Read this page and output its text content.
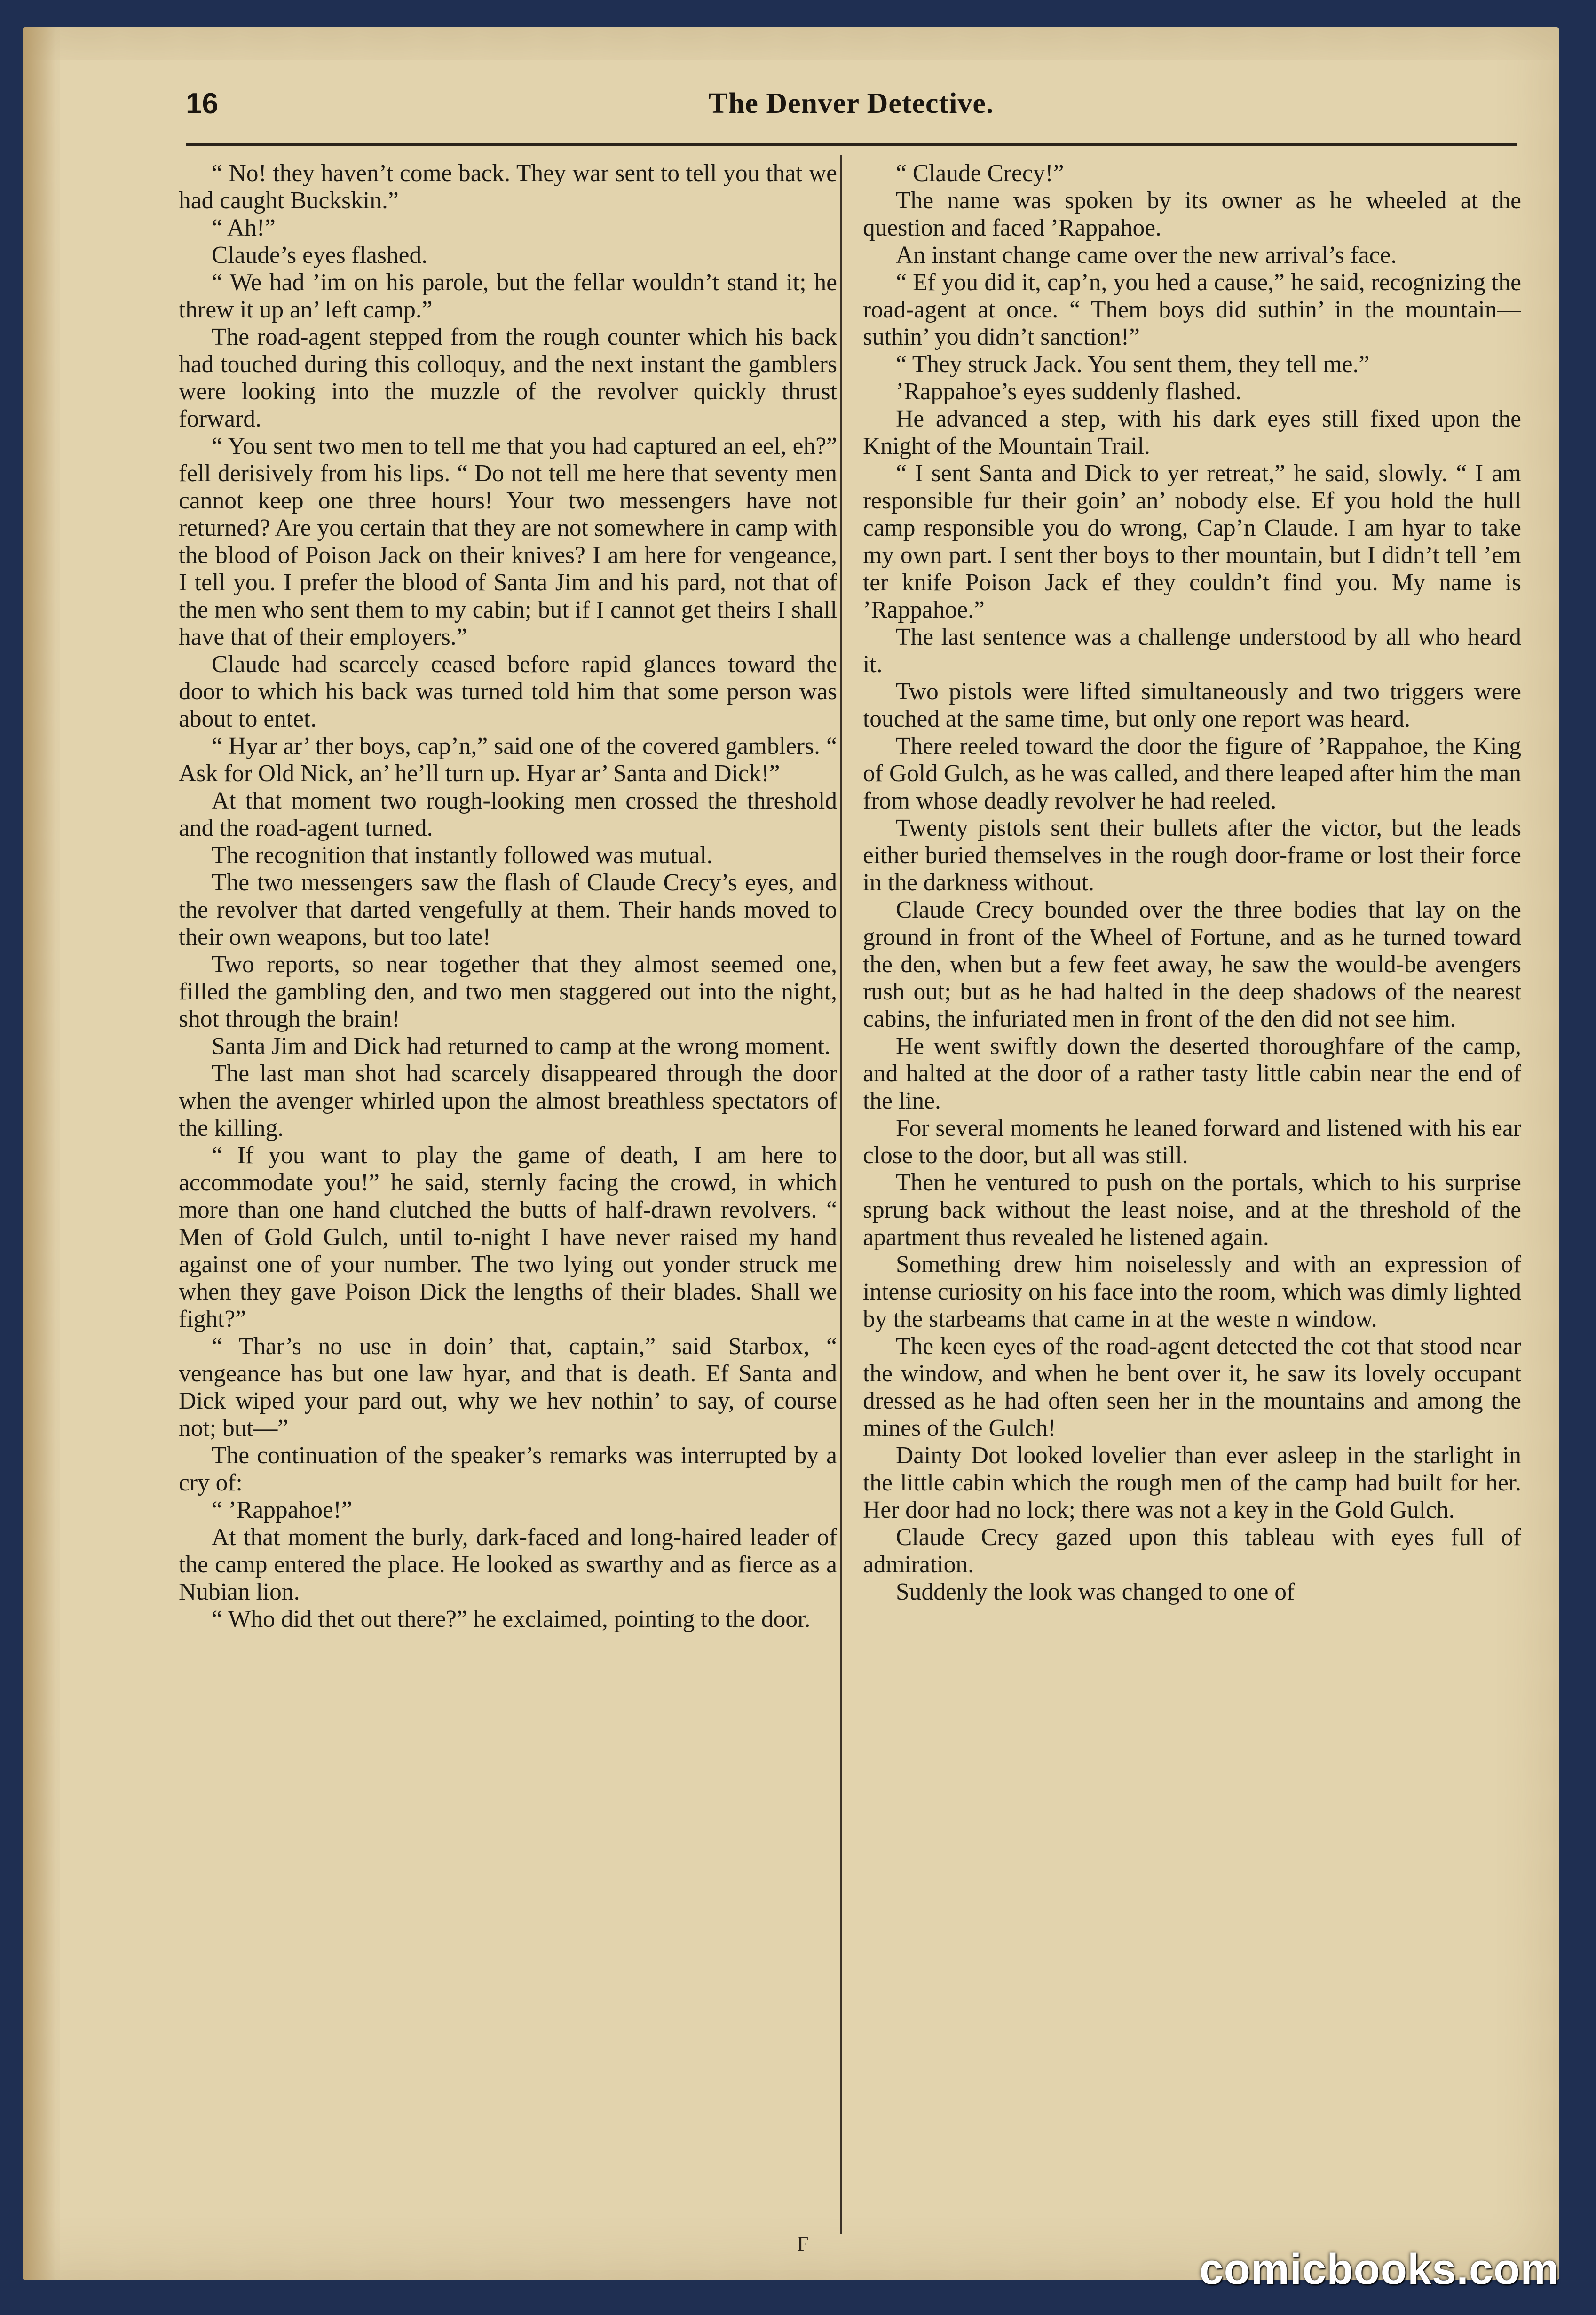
16	The Denver Detective.

“ No! they haven’t come back. They war sent to tell you that we had caught Buckskin.”

“ Ah!”

Claude’s eyes flashed.

“ We had ’im on his parole, but the fellar wouldn’t stand it; he threw it up an’ left camp.”

The road-agent stepped from the rough counter which his back had touched during this colloquy, and the next instant the gamblers were looking into the muzzle of the revolver quickly thrust forward.

“ You sent two men to tell me that you had captured an eel, eh?” fell derisively from his lips. “ Do not tell me here that seventy men cannot keep one three hours! Your two messengers have not returned? Are you certain that they are not somewhere in camp with the blood of Poison Jack on their knives? I am here for vengeance, I tell you. I prefer the blood of Santa Jim and his pard, not that of the men who sent them to my cabin; but if I cannot get theirs I shall have that of their employers.”

Claude had scarcely ceased before rapid glances toward the door to which his back was turned told him that some person was about to entet.

“ Hyar ar’ ther boys, cap’n,” said one of the covered gamblers. “ Ask for Old Nick, an’ he’ll turn up. Hyar ar’ Santa and Dick!”

At that moment two rough-looking men crossed the threshold and the road-agent turned.

The recognition that instantly followed was mutual.

The two messengers saw the flash of Claude Crecy’s eyes, and the revolver that darted vengefully at them. Their hands moved to their own weapons, but too late!

Two reports, so near together that they almost seemed one, filled the gambling den, and two men staggered out into the night, shot through the brain!

Santa Jim and Dick had returned to camp at the wrong moment.

The last man shot had scarcely disappeared through the door when the avenger whirled upon the almost breathless spectators of the killing.

“ If you want to play the game of death, I am here to accommodate you!” he said, sternly facing the crowd, in which more than one hand clutched the butts of half-drawn revolvers. “ Men of Gold Gulch, until to-night I have never raised my hand against one of your number. The two lying out yonder struck me when they gave Poison Dick the lengths of their blades. Shall we fight?”

“ Thar’s no use in doin’ that, captain,” said Starbox, “ vengeance has but one law hyar, and that is death. Ef Santa and Dick wiped your pard out, why we hev nothin’ to say, of course not; but—”

The continuation of the speaker’s remarks was interrupted by a cry of:

“ ’Rappahoe!”

At that moment the burly, dark-faced and long-haired leader of the camp entered the place. He looked as swarthy and as fierce as a Nubian lion.

“ Who did thet out there?” he exclaimed, pointing to the door.

“ Claude Crecy!”

The name was spoken by its owner as he wheeled at the question and faced ’Rappahoe.

An instant change came over the new arrival’s face.

“ Ef you did it, cap’n, you hed a cause,” he said, recognizing the road-agent at once. “ Them boys did suthin’ in the mountain—suthin’ you didn’t sanction!”

“ They struck Jack. You sent them, they tell me.”

’Rappahoe’s eyes suddenly flashed.

He advanced a step, with his dark eyes still fixed upon the Knight of the Mountain Trail.

“ I sent Santa and Dick to yer retreat,” he said, slowly. “ I am responsible fur their goin’ an’ nobody else. Ef you hold the hull camp responsible you do wrong, Cap’n Claude. I am hyar to take my own part. I sent ther boys to ther mountain, but I didn’t tell ’em ter knife Poison Jack ef they couldn’t find you. My name is ’Rappahoe.”

The last sentence was a challenge understood by all who heard it.

Two pistols were lifted simultaneously and two triggers were touched at the same time, but only one report was heard.

There reeled toward the door the figure of ’Rappahoe, the King of Gold Gulch, as he was called, and there leaped after him the man from whose deadly revolver he had reeled.

Twenty pistols sent their bullets after the victor, but the leads either buried themselves in the rough door-frame or lost their force in the darkness without.

Claude Crecy bounded over the three bodies that lay on the ground in front of the Wheel of Fortune, and as he turned toward the den, when but a few feet away, he saw the would-be avengers rush out; but as he had halted in the deep shadows of the nearest cabins, the infuriated men in front of the den did not see him.

He went swiftly down the deserted thoroughfare of the camp, and halted at the door of a rather tasty little cabin near the end of the line.

For several moments he leaned forward and listened with his ear close to the door, but all was still.

Then he ventured to push on the portals, which to his surprise sprung back without the least noise, and at the threshold of the apartment thus revealed he listened again.

Something drew him noiselessly and with an expression of intense curiosity on his face into the room, which was dimly lighted by the starbeams that came in at the weste n window.

The keen eyes of the road-agent detected the cot that stood near the window, and when he bent over it, he saw its lovely occupant dressed as he had often seen her in the mountains and among the mines of the Gulch!

Dainty Dot looked lovelier than ever asleep in the starlight in the little cabin which the rough men of the camp had built for her. Her door had no lock; there was not a key in the Gold Gulch.

Claude Crecy gazed upon this tableau with eyes full of admiration.

Suddenly the look was changed to one of

F
comicbooks.com
